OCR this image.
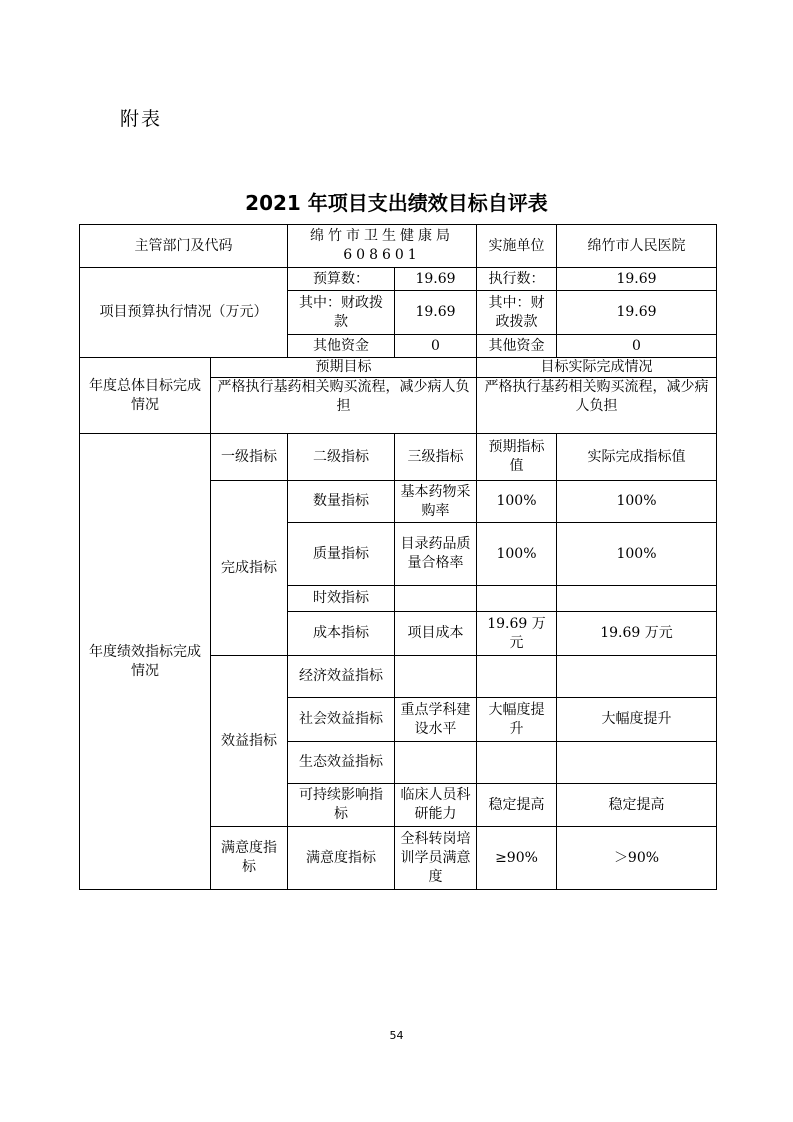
附表
2021 年项目支出绩效目标自评表
主管部门及代码		绵竹市卫生健康局 608601		实施单位	绵竹市人民医院
项目预算执行情况（万元）		预算数：	19.69	执行数：	19.69
		其中：财政拨款	19.69	其中：财政拨款	19.69
		其他资金	0	其他资金	0
年度总体目标完成情况	预期目标			目标实际完成情况	
	严格执行基药相关购买流程，减少病人负担			严格执行基药相关购买流程，减少病人负担	
年度绩效指标完成情况	一级指标	二级指标	三级指标	预期指标值	实际完成指标值
	完成指标	数量指标	基本药物采购率	100%	100%
		质量指标	目录药品质量合格率	100%	100%
		时效指标			
		成本指标	项目成本	19.69 万元	19.69 万元
	效益指标	经济效益指标			
		社会效益指标	重点学科建设水平	大幅度提升	大幅度提升
		生态效益指标			
		可持续影响指标	临床人员科研能力	稳定提高	稳定提高
	满意度指标	满意度指标	全科转岗培训学员满意度	≥90%	＞90%
54
